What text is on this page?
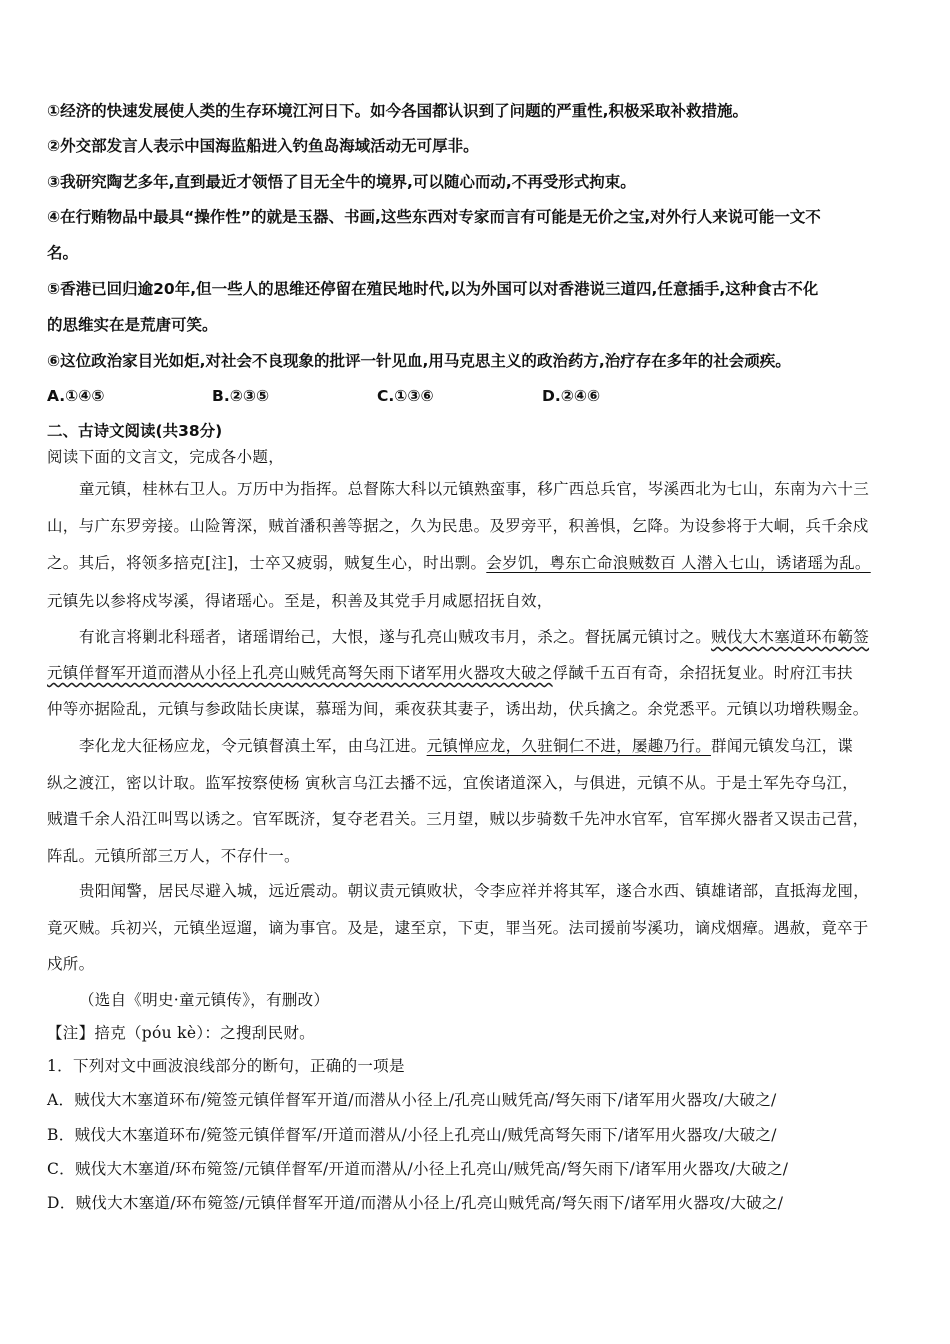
①经济的快速发展使人类的生存环境江河日下。如今各国都认识到了问题的严重性,积极采取补救措施。
②外交部发言人表示中国海监船进入钓鱼岛海域活动无可厚非。
③我研究陶艺多年,直到最近才领悟了目无全牛的境界,可以随心而动,不再受形式拘束。
④在行贿物品中最具“操作性”的就是玉器、书画,这些东西对专家而言有可能是无价之宝,对外行人来说可能一文不
名。
⑤香港已回归逾20年,但一些人的思维还停留在殖民地时代,以为外国可以对香港说三道四,任意插手,这种食古不化
的思维实在是荒唐可笑。
⑥这位政治家目光如炬,对社会不良现象的批评一针见血,用马克思主义的政治药方,治疗存在多年的社会顽疾。
A.①④⑤	B.②③⑤	C.①③⑥	D.②④⑥
二、古诗文阅读(共38分)
阅读下面的文言文，完成各小题，
童元镇，桂林右卫人。万历中为指挥。总督陈大科以元镇熟蛮事，移广西总兵官，岑溪西北为七山，东南为六十三
山，与广东罗旁接。山险箐深，贼首潘积善等据之，久为民患。及罗旁平，积善惧，乞降。为设参将于大峒，兵千余戍
之。其后，将领多掊克[注]，士卒又疲弱，贼复生心，时出剽。会岁饥，粤东亡命浪贼数百 人潜入七山，诱诸瑶为乱。
元镇先以参将戍岑溪，得诸瑶心。至是，积善及其党手月咸愿招抚自效，
有讹言将剿北科瑶者，诸瑶谓绐己，大恨，遂与孔亮山贼攻韦月，杀之。督抚属元镇讨之。贼伐大木塞道环布簕签
元镇佯督军开道而潜从小径上孔亮山贼凭高弩矢雨下诸军用火器攻大破之俘馘千五百有奇，余招抚复业。时府江韦扶
仲等亦据险乱，元镇与参政陆长庚谋，慕瑶为间，乘夜获其妻子，诱出劫，伏兵擒之。余党悉平。元镇以功增秩赐金。
李化龙大征杨应龙，令元镇督滇土军，由乌江进。元镇惮应龙，久驻铜仁不进，屡趣乃行。群闻元镇发乌江，谍
纵之渡江，密以计取。监军按察使杨 寅秋言乌江去播不远，宜俟诸道深入，与俱进，元镇不从。于是土军先夺乌江，
贼遣千余人沿江叫骂以诱之。官军既济，复夺老君关。三月望，贼以步骑数千先冲水官军，官军掷火器者又误击己营，
阵乱。元镇所部三万人，不存什一。
贵阳闻警，居民尽避入城，远近震动。朝议责元镇败状，令李应祥并将其军，遂合水西、镇雄诸部，直抵海龙囤，
竟灭贼。兵初兴，元镇坐逗遛，谪为事官。及是，逮至京，下吏，罪当死。法司援前岑溪功，谪戍烟瘴。遇赦，竟卒于
戍所。
（选自《明史·童元镇传》，有删改）
【注】掊克（póu kè）：之搜刮民财。
1．下列对文中画波浪线部分的断句，正确的一项是
A．贼伐大木塞道环布/箢签元镇佯督军开道/而潜从小径上/孔亮山贼凭高/弩矢雨下/诸军用火器攻/大破之/
B．贼伐大木塞道环布/箢签元镇佯督军/开道而潜从/小径上孔亮山/贼凭高弩矢雨下/诸军用火器攻/大破之/
C．贼伐大木塞道/环布箢签/元镇佯督军/开道而潜从/小径上孔亮山/贼凭高/弩矢雨下/诸军用火器攻/大破之/
D．贼伐大木塞道/环布箢签/元镇佯督军开道/而潜从小径上/孔亮山贼凭高/弩矢雨下/诸军用火器攻/大破之/
